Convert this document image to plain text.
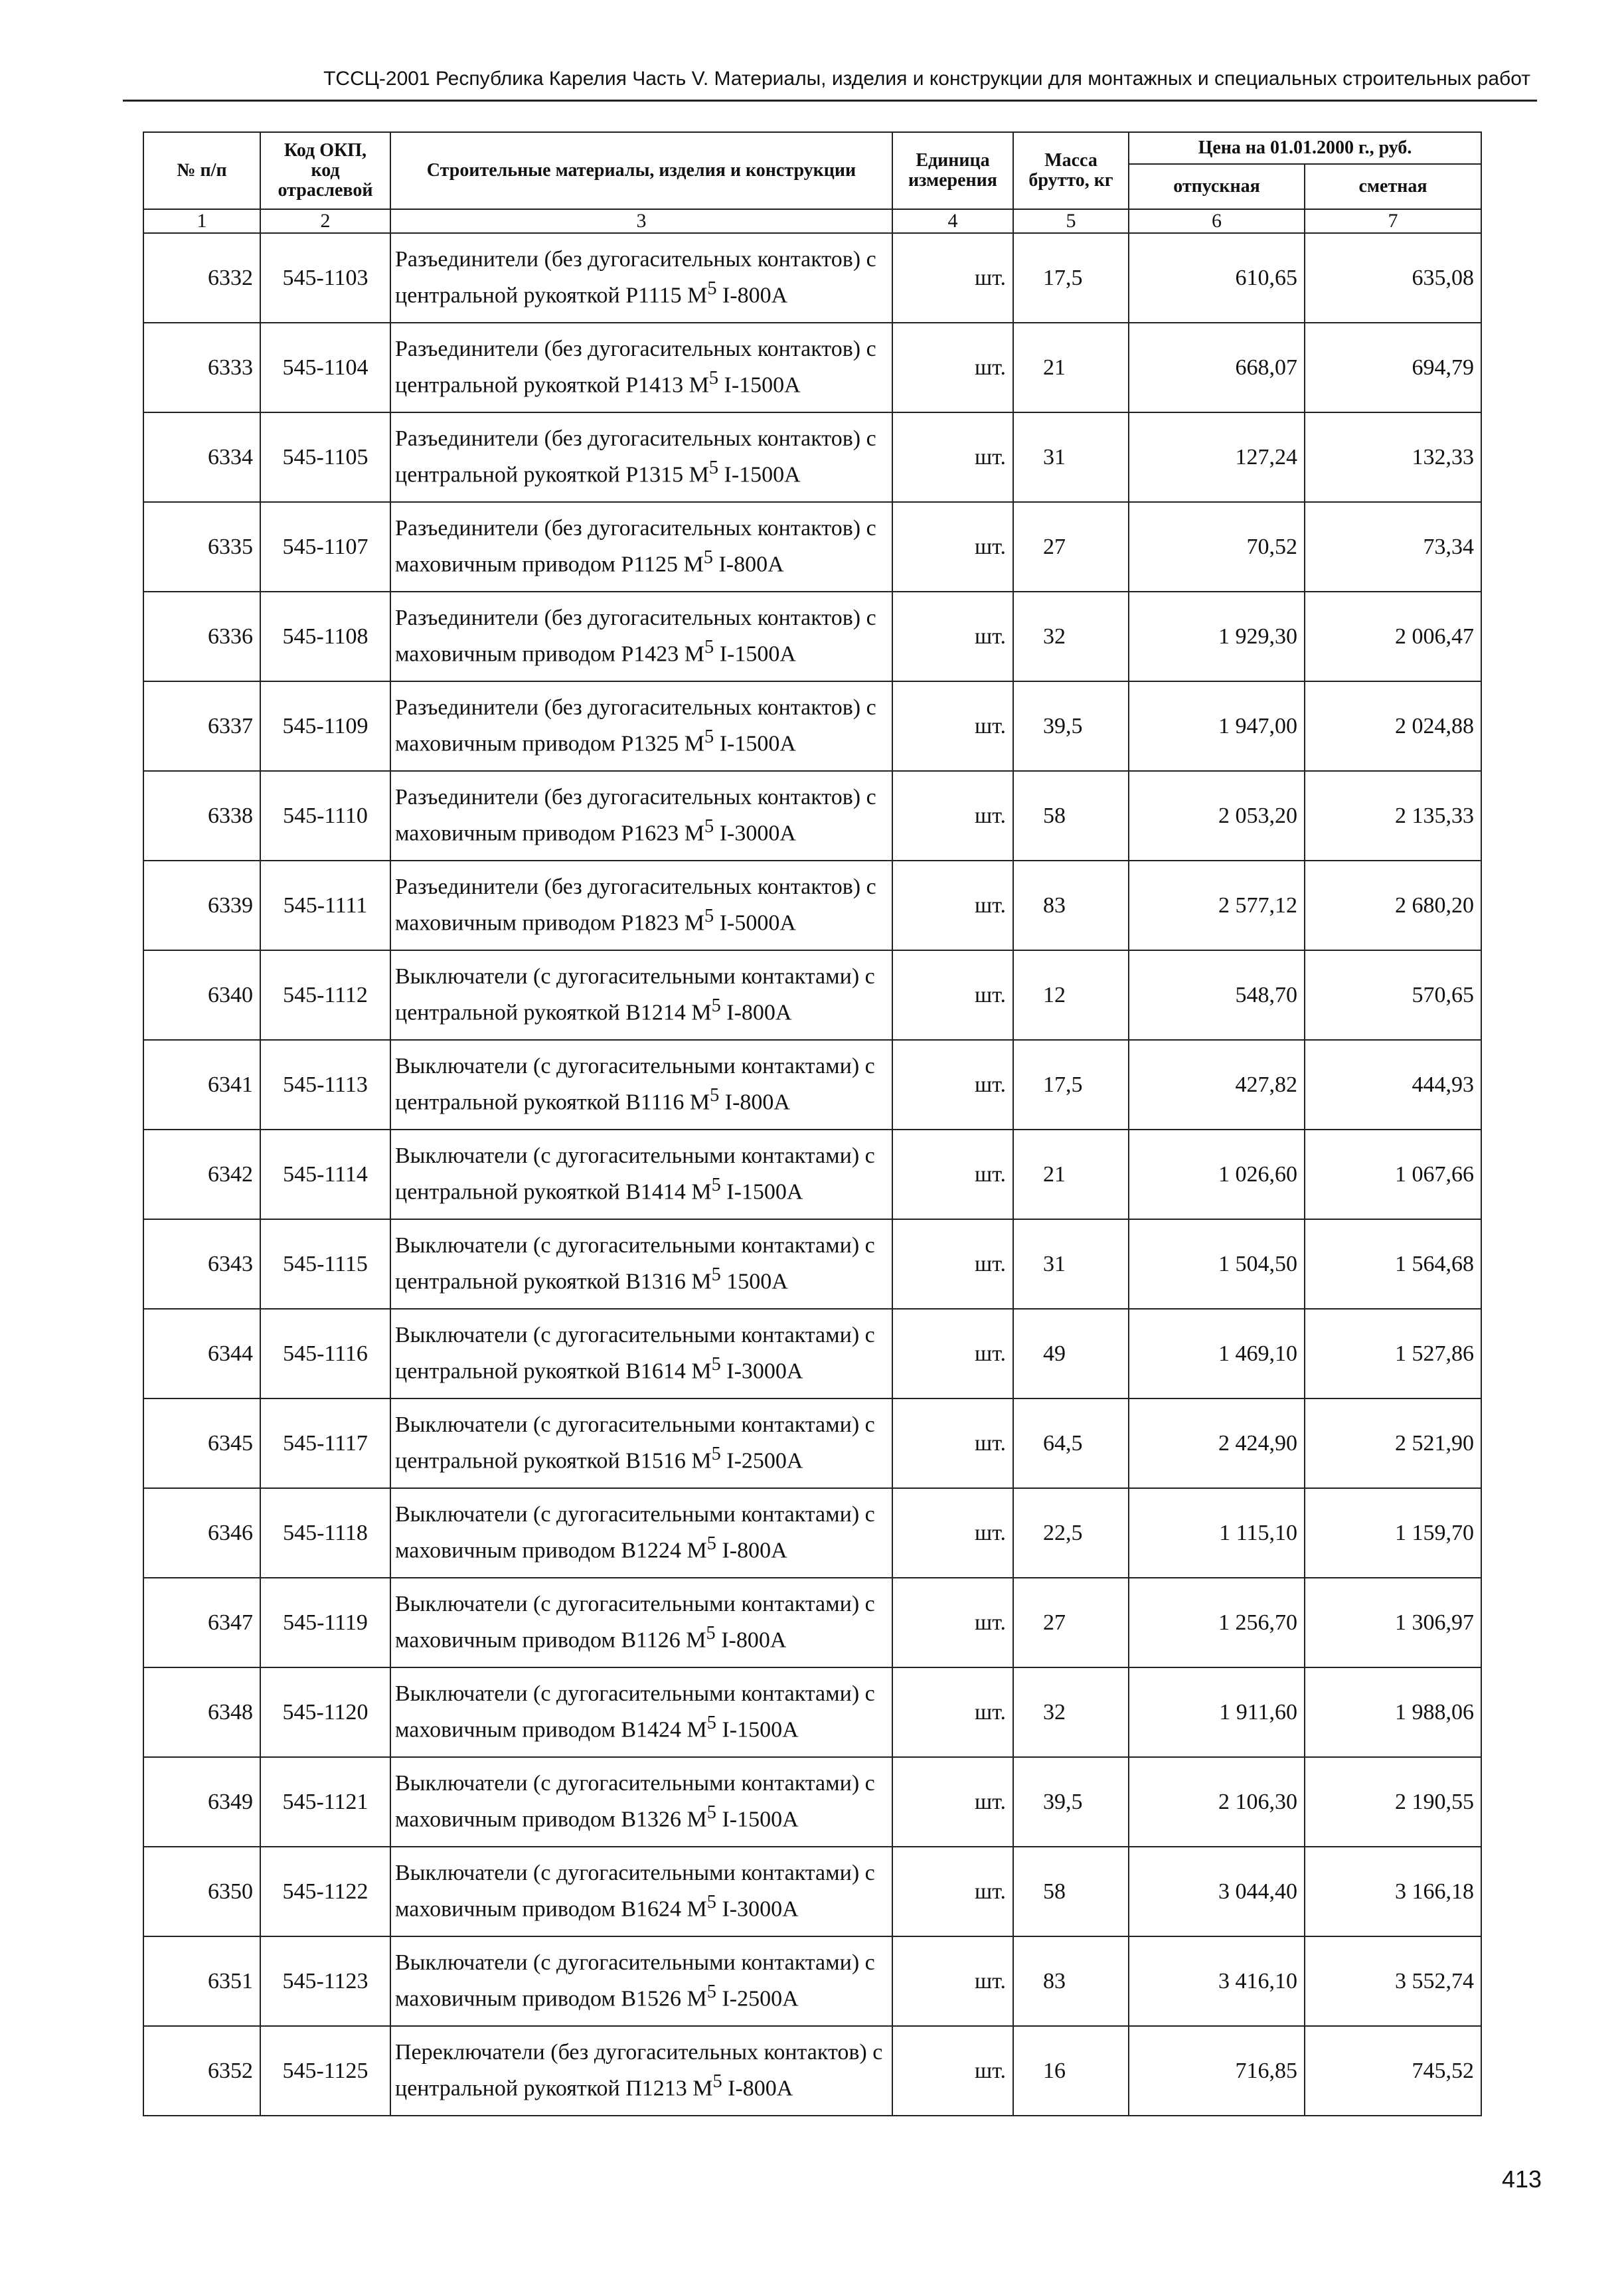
ТССЦ-2001 Республика Карелия Часть V. Материалы, изделия и конструкции для монтажных и специальных строительных работ
№ п/п	Код ОКП, код отраслевой	Строительные материалы, изделия и конструкции	Единица измерения	Масса брутто, кг	Цена на 01.01.2000 г., руб.	
					отпускная	сметная
1	2	3	4	5	6	7
6332	545-1103	Разъединители (без дугогасительных контактов) с центральной рукояткой Р1115 $М^5$ I-800А	шт.	17,5	610,65	635,08
6333	545-1104	Разъединители (без дугогасительных контактов) с центральной рукояткой Р1413 $М^5$ I-1500А	шт.	21	668,07	694,79
6334	545-1105	Разъединители (без дугогасительных контактов) с центральной рукояткой Р1315 $М^5$ I-1500А	шт.	31	127,24	132,33
6335	545-1107	Разъединители (без дугогасительных контактов) с маховичным приводом Р1125 $М^5$ I-800А	шт.	27	70,52	73,34
6336	545-1108	Разъединители (без дугогасительных контактов) с маховичным приводом Р1423 $М^5$ I-1500А	шт.	32	1 929,30	2 006,47
6337	545-1109	Разъединители (без дугогасительных контактов) с маховичным приводом Р1325 $М^5$ I-1500А	шт.	39,5	1 947,00	2 024,88
6338	545-1110	Разъединители (без дугогасительных контактов) с маховичным приводом Р1623 $М^5$ I-3000А	шт.	58	2 053,20	2 135,33
6339	545-1111	Разъединители (без дугогасительных контактов) с маховичным приводом Р1823 $М^5$ I-5000А	шт.	83	2 577,12	2 680,20
6340	545-1112	Выключатели (с дугогасительными контактами) с центральной рукояткой В1214 $М^5$ I-800А	шт.	12	548,70	570,65
6341	545-1113	Выключатели (с дугогасительными контактами) с центральной рукояткой В1116 $М^5$ I-800А	шт.	17,5	427,82	444,93
6342	545-1114	Выключатели (с дугогасительными контактами) с центральной рукояткой В1414 $М^5$ I-1500А	шт.	21	1 026,60	1 067,66
6343	545-1115	Выключатели (с дугогасительными контактами) с центральной рукояткой В1316 $М^5$ 1500А	шт.	31	1 504,50	1 564,68
6344	545-1116	Выключатели (с дугогасительными контактами) с центральной рукояткой В1614 $М^5$ I-3000А	шт.	49	1 469,10	1 527,86
6345	545-1117	Выключатели (с дугогасительными контактами) с центральной рукояткой В1516 $М^5$ I-2500А	шт.	64,5	2 424,90	2 521,90
6346	545-1118	Выключатели (с дугогасительными контактами) с маховичным приводом В1224 $М^5$ I-800А	шт.	22,5	1 115,10	1 159,70
6347	545-1119	Выключатели (с дугогасительными контактами) с маховичным приводом В1126 $М^5$ I-800А	шт.	27	1 256,70	1 306,97
6348	545-1120	Выключатели (с дугогасительными контактами) с маховичным приводом В1424 $М^5$ I-1500А	шт.	32	1 911,60	1 988,06
6349	545-1121	Выключатели (с дугогасительными контактами) с маховичным приводом В1326 $М^5$ I-1500А	шт.	39,5	2 106,30	2 190,55
6350	545-1122	Выключатели (с дугогасительными контактами) с маховичным приводом В1624 $М^5$ I-3000А	шт.	58	3 044,40	3 166,18
6351	545-1123	Выключатели (с дугогасительными контактами) с маховичным приводом В1526 $М^5$ I-2500А	шт.	83	3 416,10	3 552,74
6352	545-1125	Переключатели (без дугогасительных контактов) с центральной рукояткой П1213 $М^5$ I-800А	шт.	16	716,85	745,52
413
